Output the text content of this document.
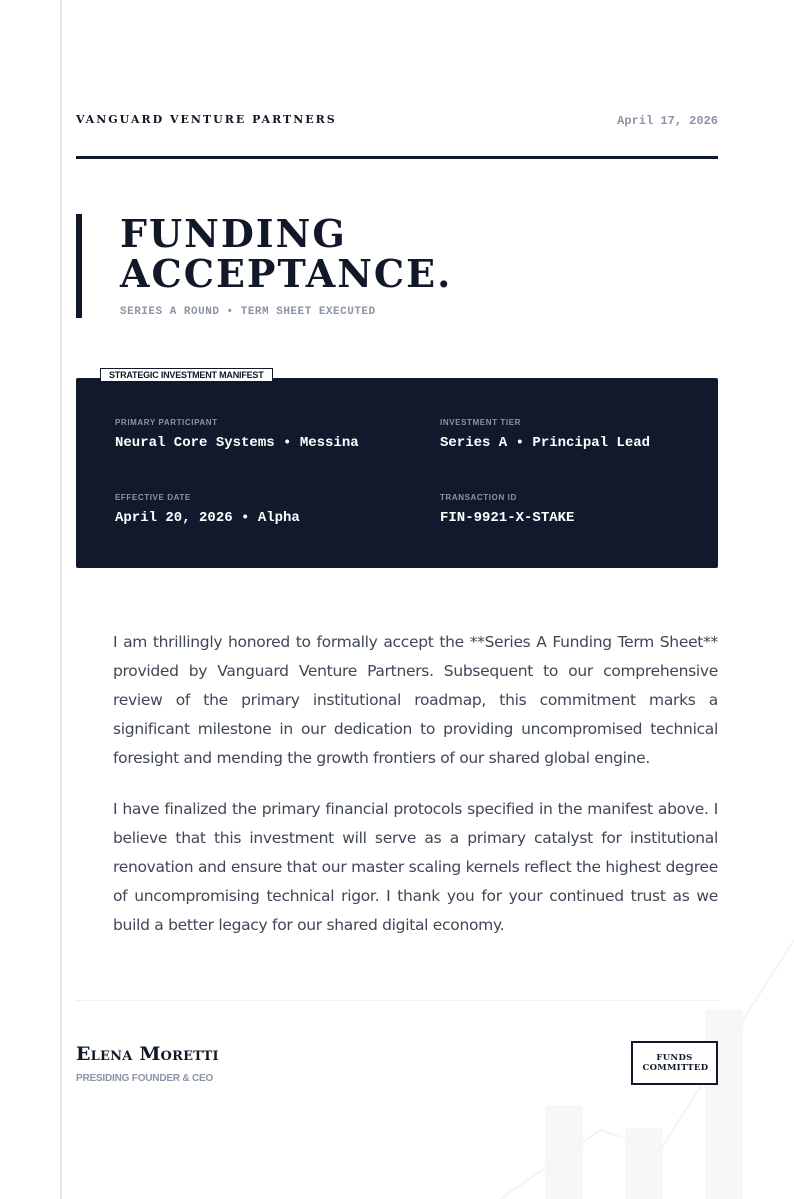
VANGUARD VENTURE PARTNERS	April 17, 2026
FUNDING
ACCEPTANCE.
SERIES A ROUND • TERM SHEET EXECUTED
STRATEGIC INVESTMENT MANIFEST
PRIMARY PARTICIPANT
Neural Core Systems • Messina
INVESTMENT TIER
Series A • Principal Lead
EFFECTIVE DATE
April 20, 2026 • Alpha
TRANSACTION ID
FIN-9921-X-STAKE

I am thrillingly honored to formally accept the **Series A Funding Term Sheet** provided by Vanguard Venture Partners. Subsequent to our comprehensive review of the primary institutional roadmap, this commitment marks a significant milestone in our dedication to providing uncompromised technical foresight and mending the growth frontiers of our shared global engine.

I have finalized the primary financial protocols specified in the manifest above. I believe that this investment will serve as a primary catalyst for institutional renovation and ensure that our master scaling kernels reflect the highest degree of uncompromising technical rigor. I thank you for your continued trust as we build a better legacy for our shared digital economy.

Elena Moretti
PRESIDING FOUNDER & CEO
FUNDS COMMITTED
